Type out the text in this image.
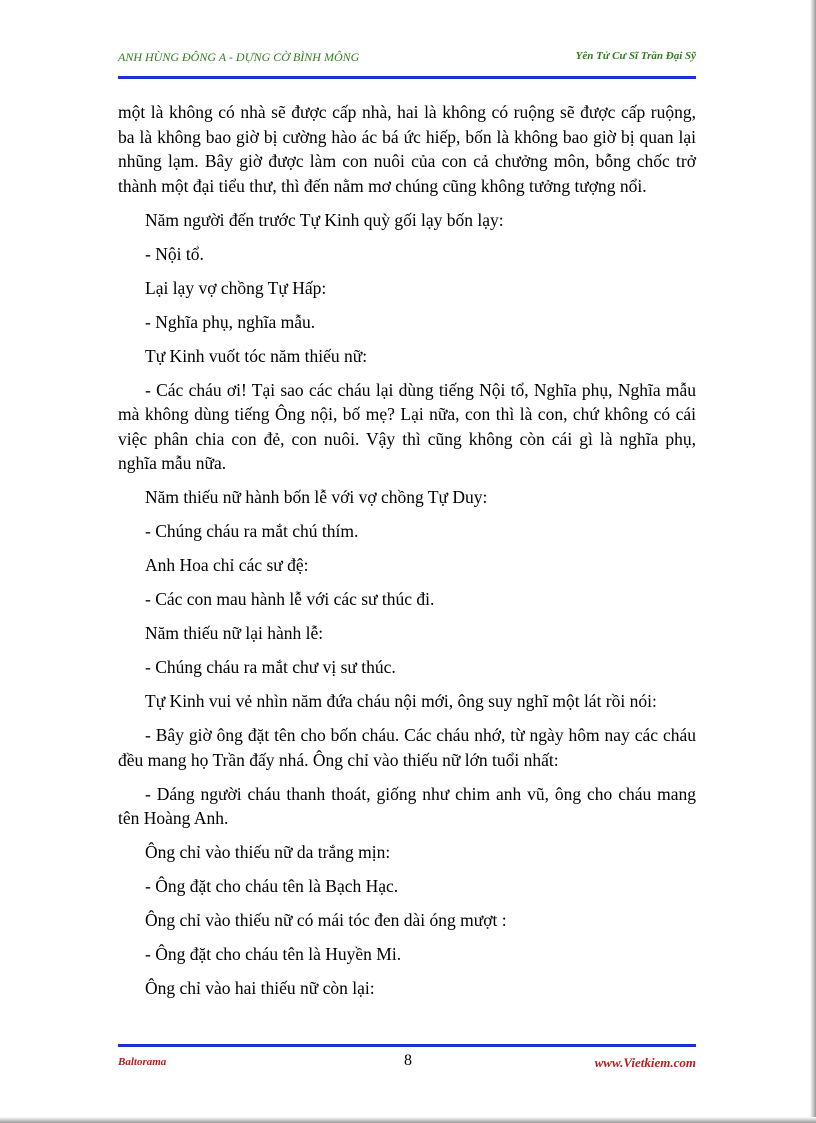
ANH HÙNG ĐÔNG A - DỰNG CỜ BÌNH MÔNG	Yên Tử Cư Sĩ Trần Đại Sỹ

một là không có nhà sẽ được cấp nhà, hai là không có ruộng sẽ được cấp ruộng, ba là không bao giờ bị cường hào ác bá ức hiếp, bốn là không bao giờ bị quan lại nhũng lạm. Bây giờ được làm con nuôi của con cả chưởng môn, bỗng chốc trở thành một đại tiểu thư, thì đến nằm mơ chúng cũng không tưởng tượng nổi.

Năm người đến trước Tự Kinh quỳ gối lạy bốn lạy:

- Nội tổ.

Lại lạy vợ chồng Tự Hấp:

- Nghĩa phụ, nghĩa mẫu.

Tự Kinh vuốt tóc năm thiếu nữ:

- Các cháu ơi! Tại sao các cháu lại dùng tiếng Nội tổ, Nghĩa phụ, Nghĩa mẫu mà không dùng tiếng Ông nội, bố mẹ? Lại nữa, con thì là con, chứ không có cái việc phân chia con đẻ, con nuôi. Vậy thì cũng không còn cái gì là nghĩa phụ, nghĩa mẫu nữa.

Năm thiếu nữ hành bốn lễ với vợ chồng Tự Duy:

- Chúng cháu ra mắt chú thím.

Anh Hoa chỉ các sư đệ:

- Các con mau hành lễ với các sư thúc đi.

Năm thiếu nữ lại hành lễ:

- Chúng cháu ra mắt chư vị sư thúc.

Tự Kinh vui vẻ nhìn năm đứa cháu nội mới, ông suy nghĩ một lát rồi nói:

- Bây giờ ông đặt tên cho bốn cháu. Các cháu nhớ, từ ngày hôm nay các cháu đều mang họ Trần đấy nhá. Ông chỉ vào thiếu nữ lớn tuổi nhất:

- Dáng người cháu thanh thoát, giống như chim anh vũ, ông cho cháu mang tên Hoàng Anh.

Ông chỉ vào thiếu nữ da trắng mịn:

- Ông đặt cho cháu tên là Bạch Hạc.

Ông chỉ vào thiếu nữ có mái tóc đen dài óng mượt :

- Ông đặt cho cháu tên là Huyền Mi.

Ông chỉ vào hai thiếu nữ còn lại:

Baltorama	8	www.Vietkiem.com
